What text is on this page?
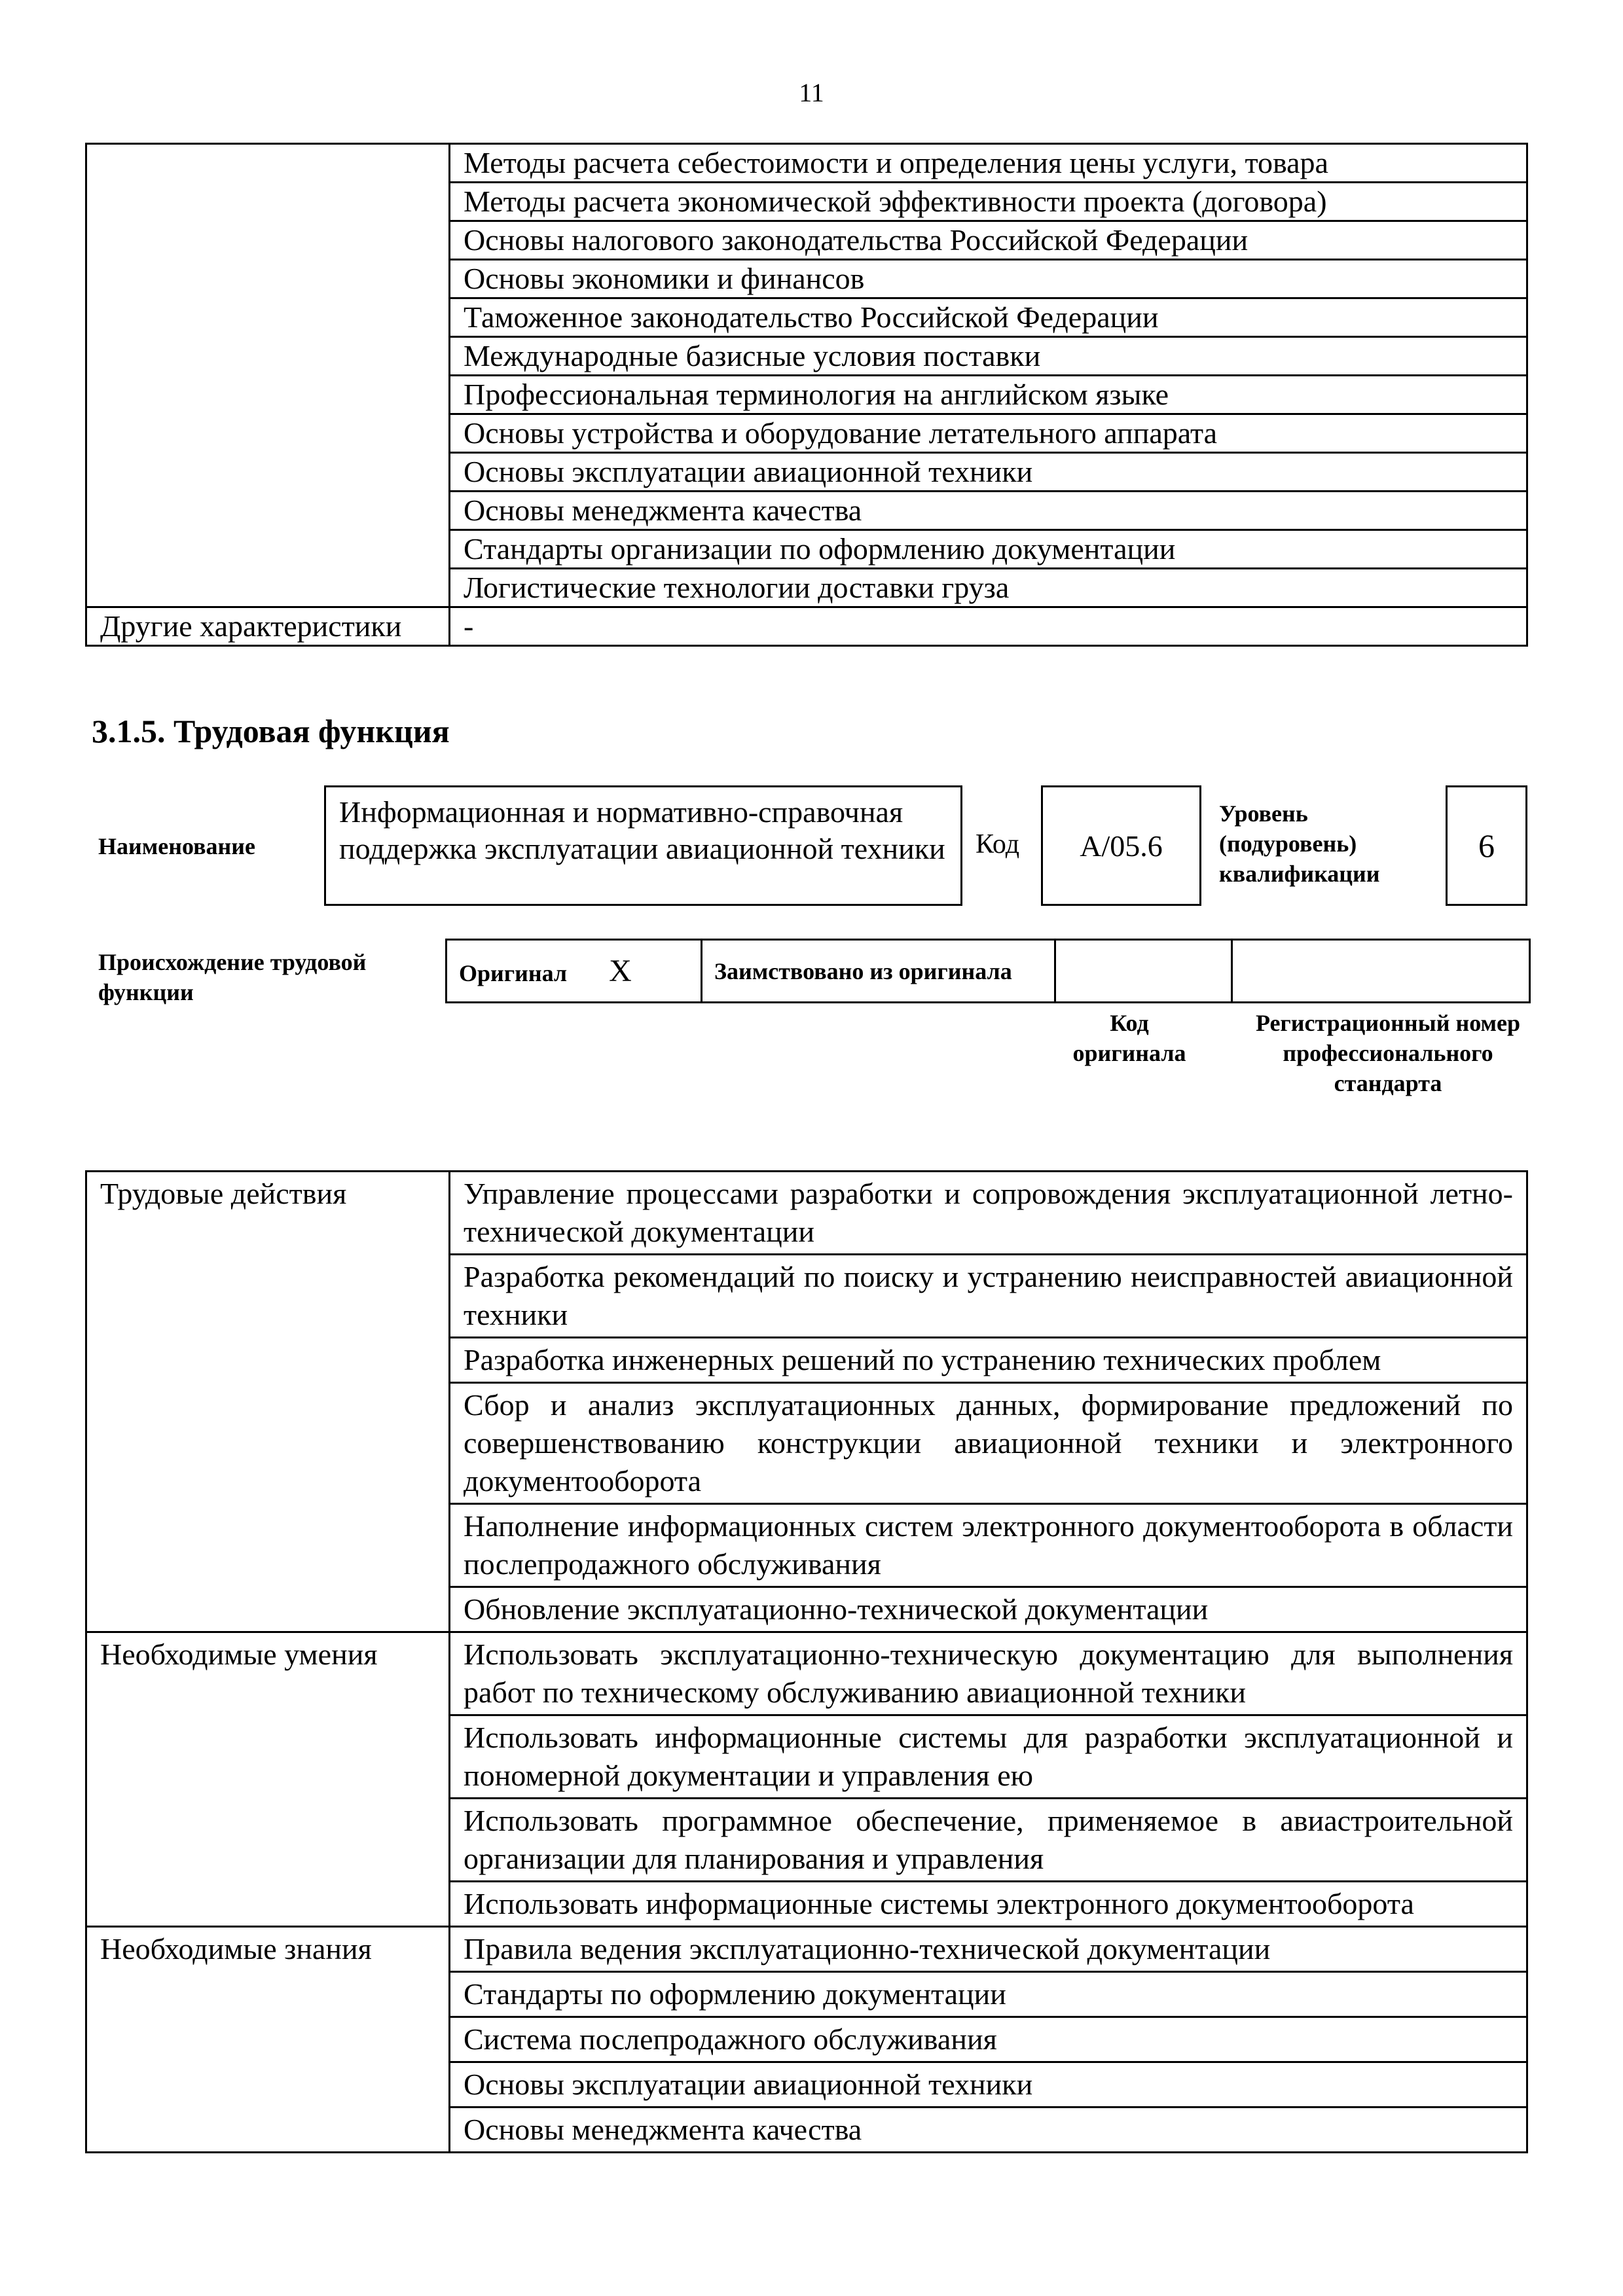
11
	Методы расчета себестоимости и определения цены услуги, товара
	Методы расчета экономической эффективности проекта (договора)
	Основы налогового законодательства Российской Федерации
	Основы экономики и финансов
	Таможенное законодательство Российской Федерации
	Международные базисные условия поставки
	Профессиональная терминология на английском языке
	Основы устройства и оборудование летательного аппарата
	Основы эксплуатации авиационной техники
	Основы менеджмента качества
	Стандарты организации по оформлению документации
	Логистические технологии доставки груза
Другие характеристики	-
3.1.5. Трудовая функция
Наименование
Информационная и нормативно-справочная поддержка эксплуатации авиационной техники	Код	A/05.6
Уровень (подуровень) квалификации
6
Происхождение трудовой функции
Оригинал X	Заимствовано из оригинала

Код оригинала
Регистрационный номер профессионального стандарта
Трудовые действия	Управление процессами разработки и сопровождения эксплуатационной летно-технической документации
	Разработка рекомендаций по поиску и устранению неисправностей авиационной техники
	Разработка инженерных решений по устранению технических проблем
	Сбор и анализ эксплуатационных данных, формирование предложений по совершенствованию конструкции авиационной техники и электронного документооборота
	Наполнение информационных систем электронного документооборота в области послепродажного обслуживания
	Обновление эксплуатационно-технической документации
Необходимые умения	Использовать эксплуатационно-техническую документацию для выполнения работ по техническому обслуживанию авиационной техники
	Использовать информационные системы для разработки эксплуатационной и пономерной документации и управления ею
	Использовать программное обеспечение, применяемое в авиастроительной организации для планирования и управления
	Использовать информационные системы электронного документооборота
Необходимые знания	Правила ведения эксплуатационно-технической документации
	Стандарты по оформлению документации
	Система послепродажного обслуживания
	Основы эксплуатации авиационной техники
	Основы менеджмента качества
